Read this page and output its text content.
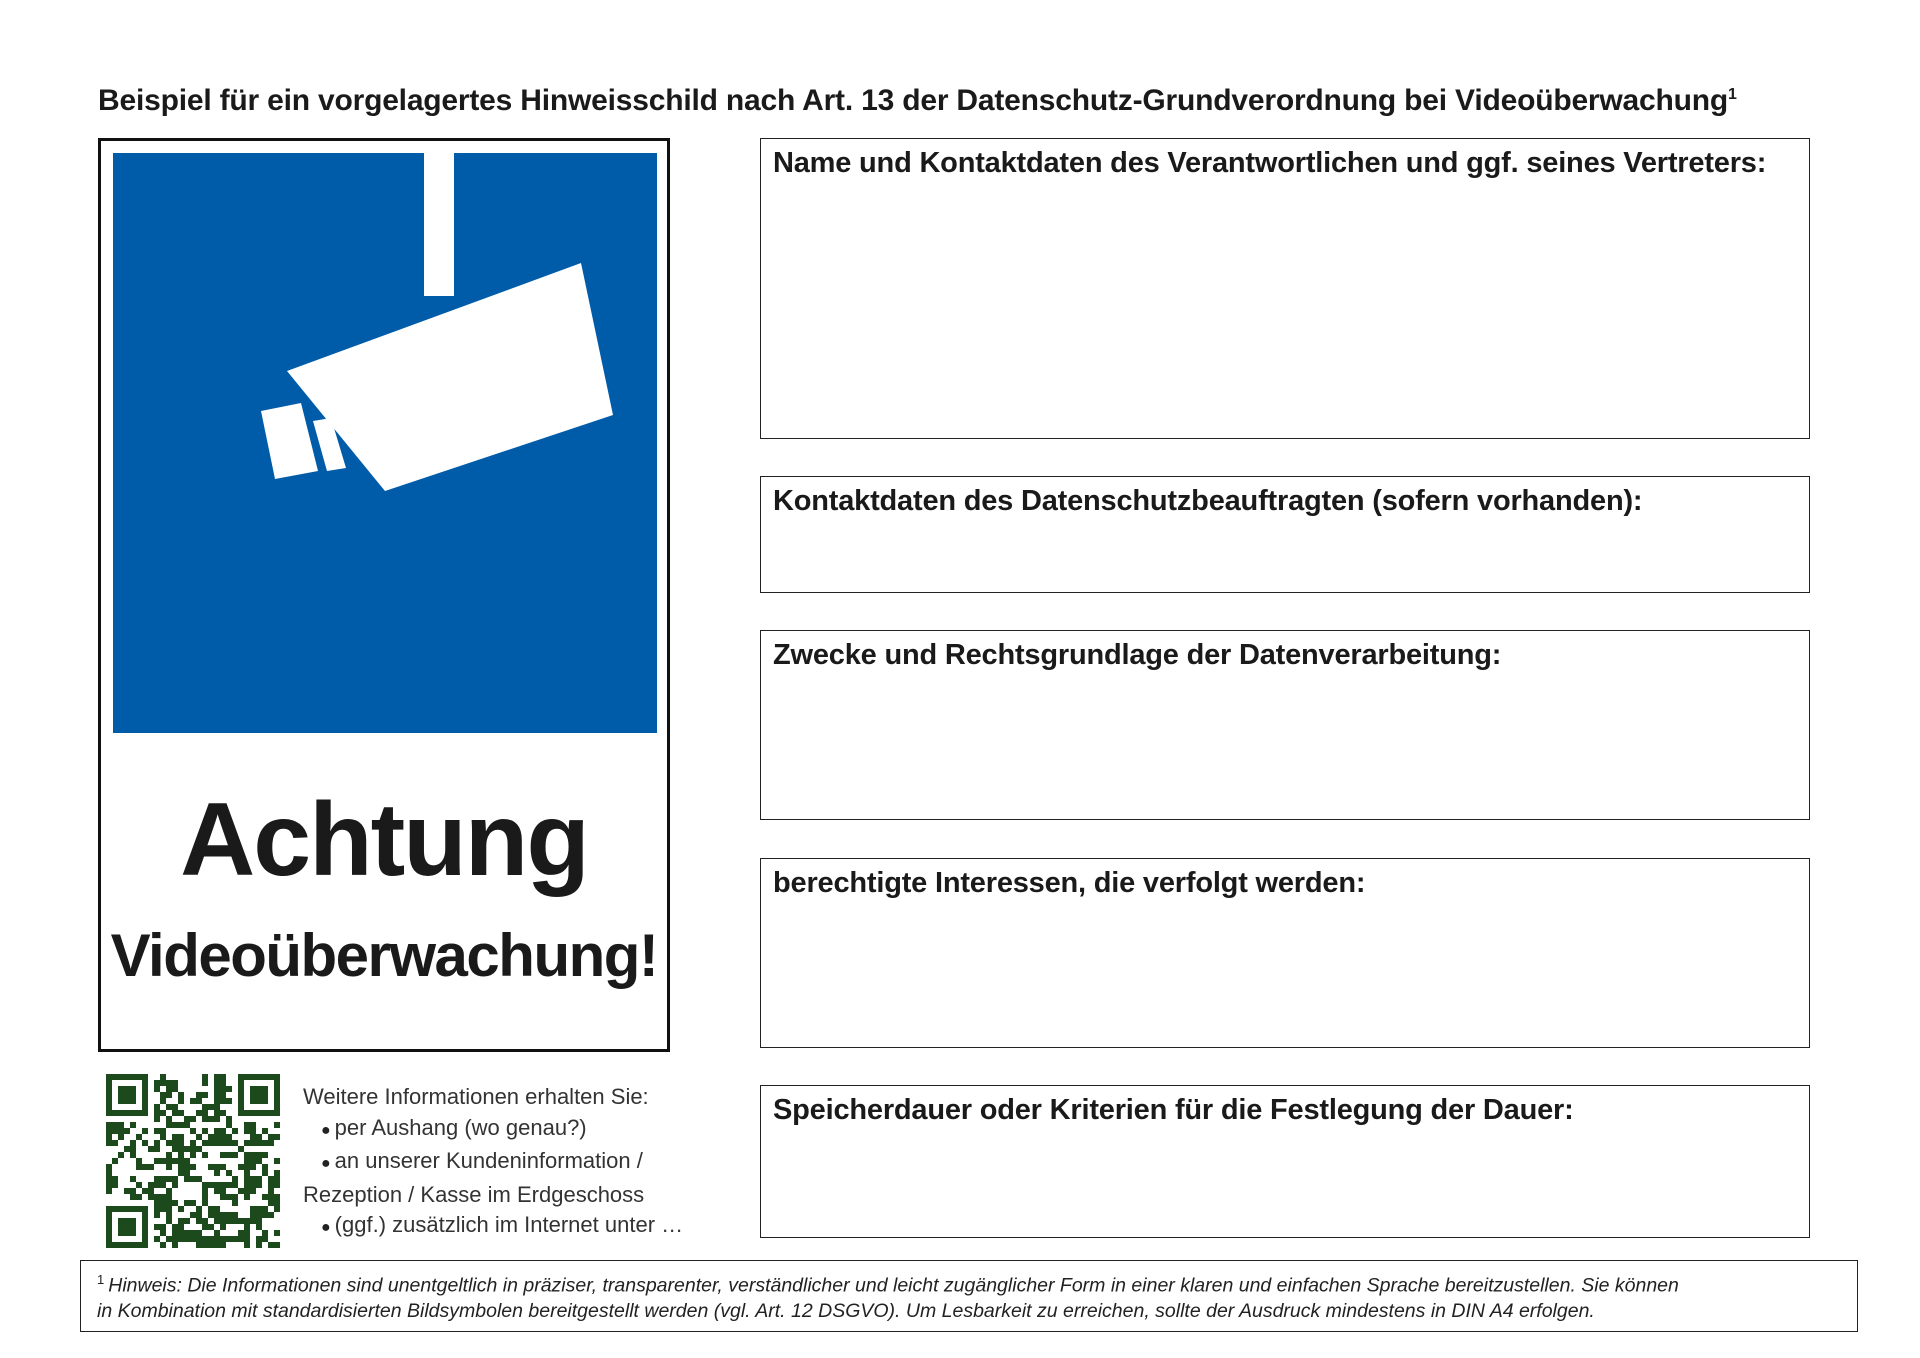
Beispiel für ein vorgelagertes Hinweisschild nach Art. 13 der Datenschutz-Grundverordnung bei Videoüberwachung$^1$
Achtung
Videoüberwachung!
Weitere Informationen erhalten Sie:
● per Aushang (wo genau?)
● an unserer Kundeninformation /
Rezeption / Kasse im Erdgeschoss
● (ggf.) zusätzlich im Internet unter …
Name und Kontaktdaten des Verantwortlichen und ggf. seines Vertreters:
Kontaktdaten des Datenschutzbeauftragten (sofern vorhanden):
Zwecke und Rechtsgrundlage der Datenverarbeitung:
berechtigte Interessen, die verfolgt werden:
Speicherdauer oder Kriterien für die Festlegung der Dauer:
$^1$ Hinweis: Die Informationen sind unentgeltlich in präziser, transparenter, verständlicher und leicht zugänglicher Form in einer klaren und einfachen Sprache bereitzustellen. Sie können
in Kombination mit standardisierten Bildsymbolen bereitgestellt werden (vgl. Art. 12 DSGVO). Um Lesbarkeit zu erreichen, sollte der Ausdruck mindestens in DIN A4 erfolgen.
